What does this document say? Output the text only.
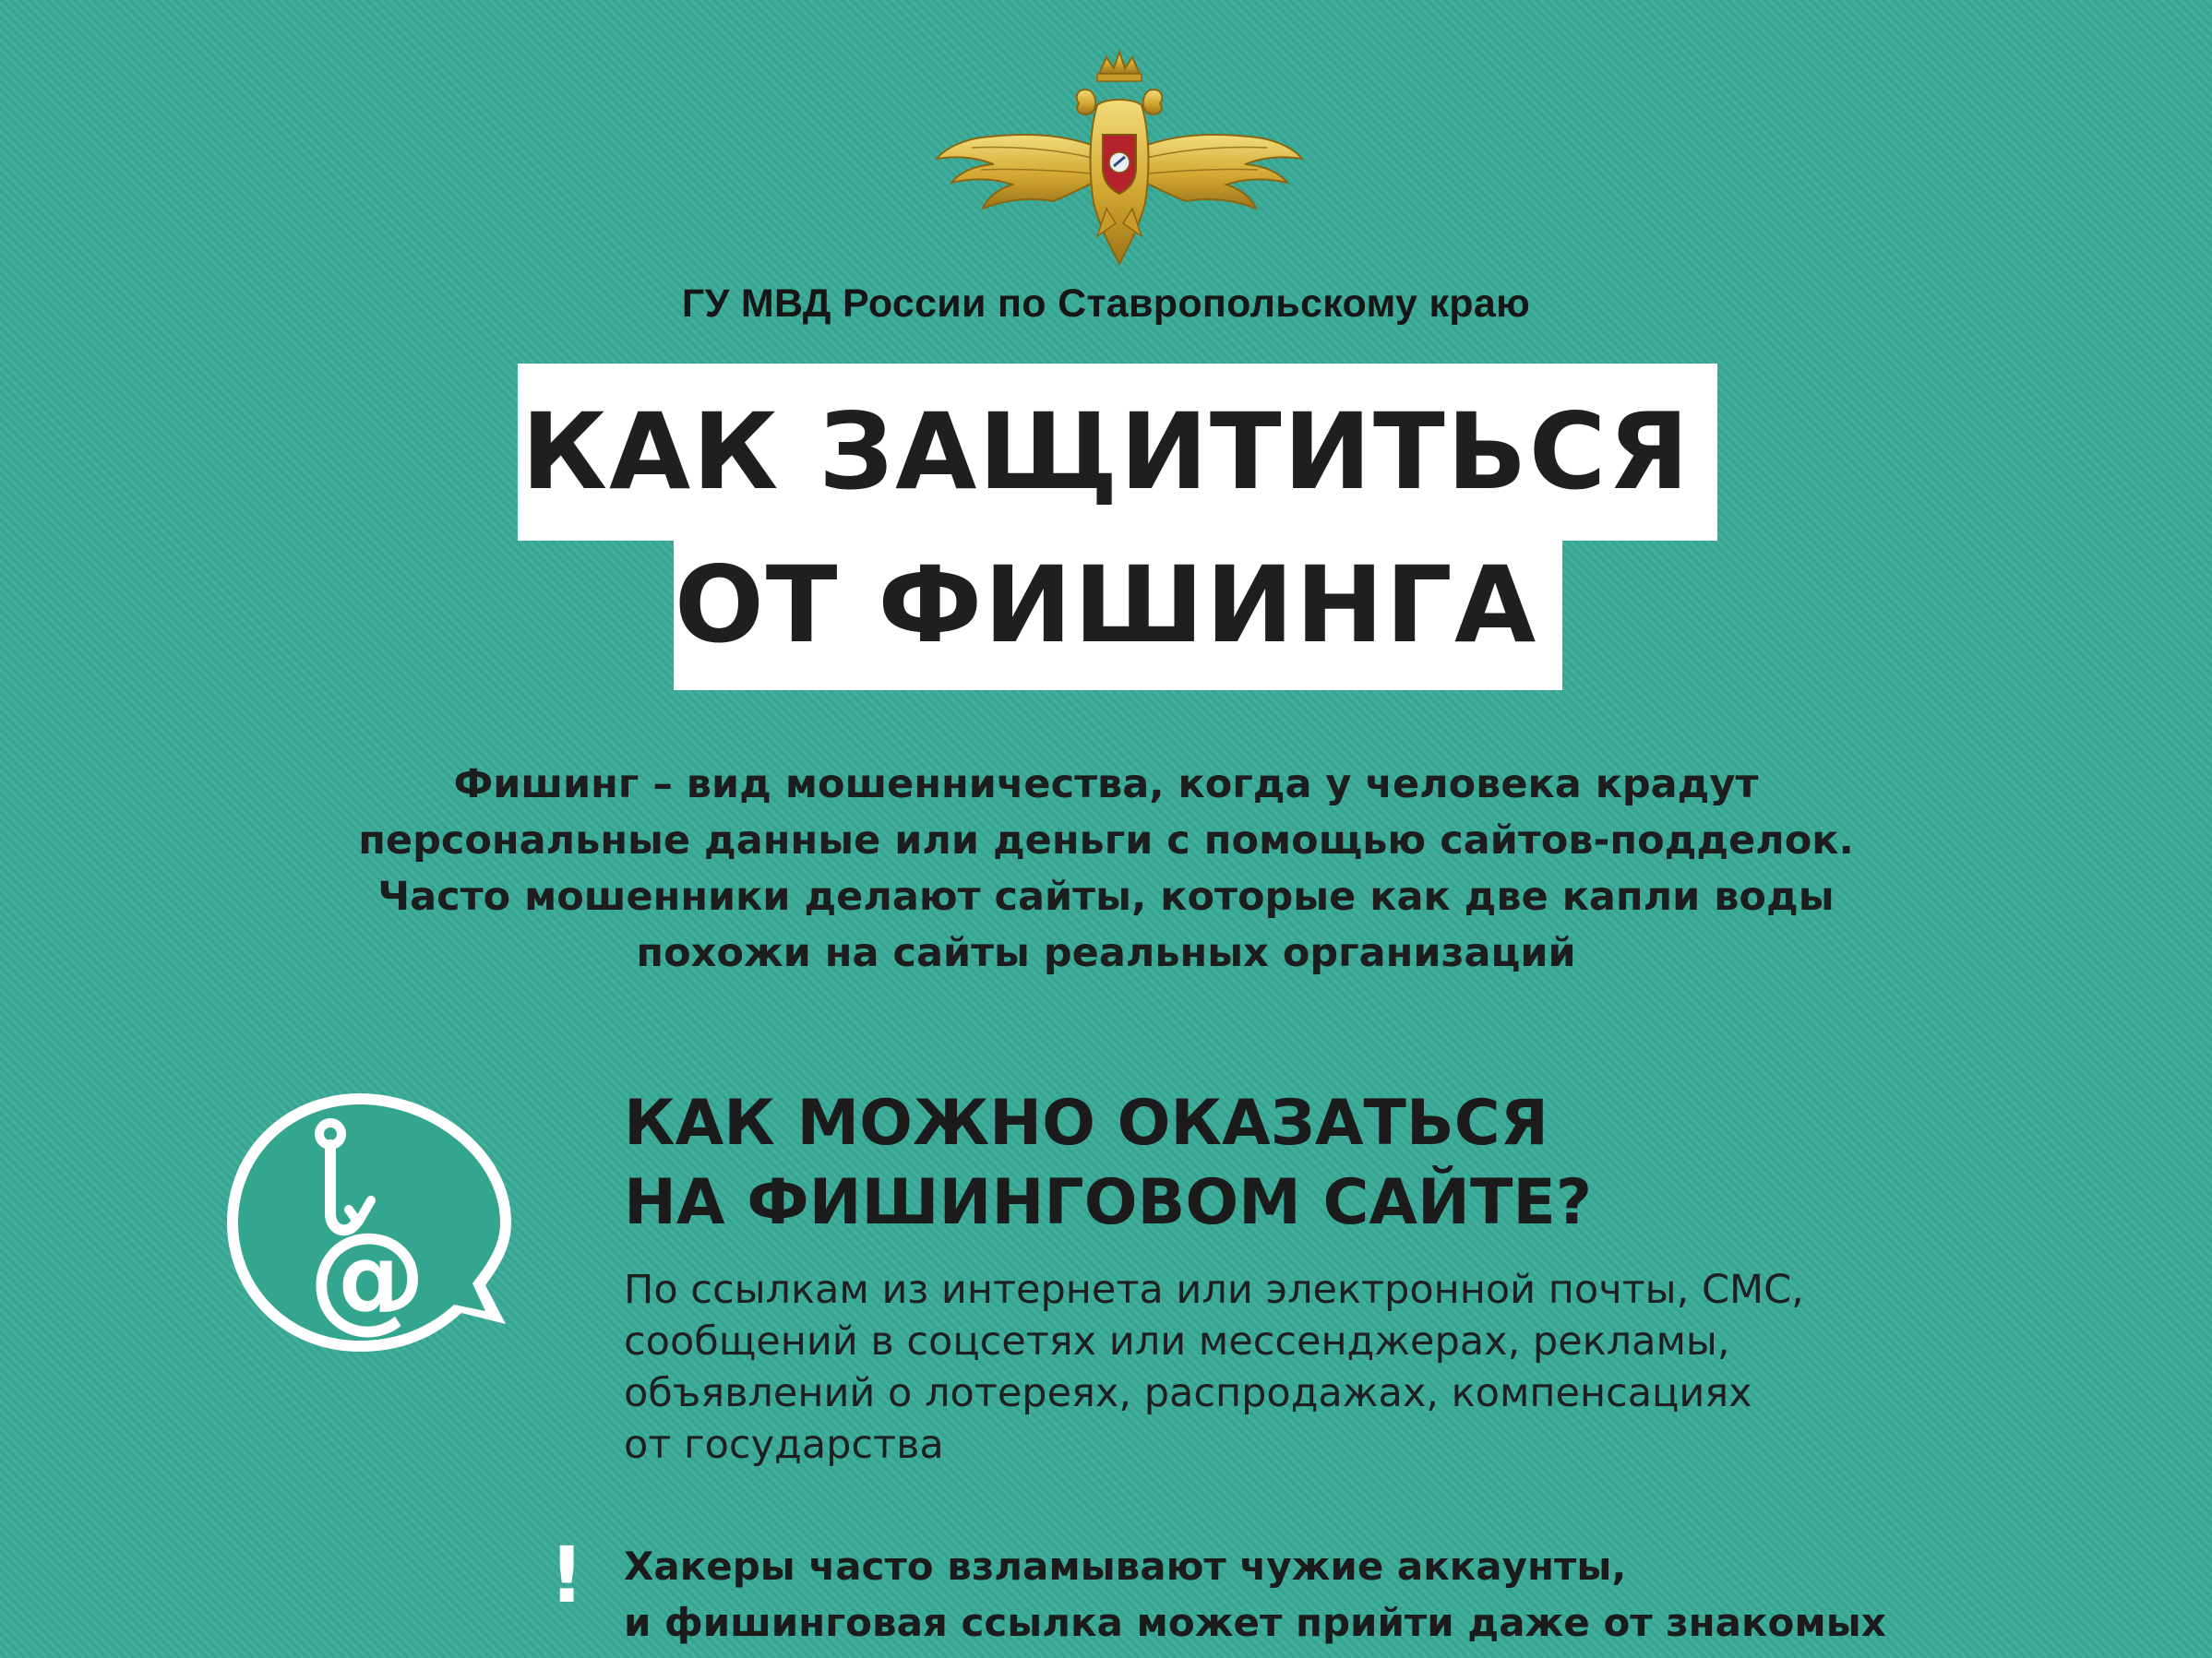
ГУ МВД России по Ставропольскому краю
КАК ЗАЩИТИТЬСЯ
ОТ ФИШИНГА
Фишинг – вид мошенничества, когда у человека крадут
персональные данные или деньги с помощью сайтов-подделок.
Часто мошенники делают сайты, которые как две капли воды
похожи на сайты реальных организаций
@
КАК МОЖНО ОКАЗАТЬСЯ
НА ФИШИНГОВОМ САЙТЕ?
По ссылкам из интернета или электронной почты, СМС,
сообщений в соцсетях или мессенджерах, рекламы,
объявлений о лотереях, распродажах, компенсациях
от государства
! Хакеры часто взламывают чужие аккаунты,
и фишинговая ссылка может прийти даже от знакомых
